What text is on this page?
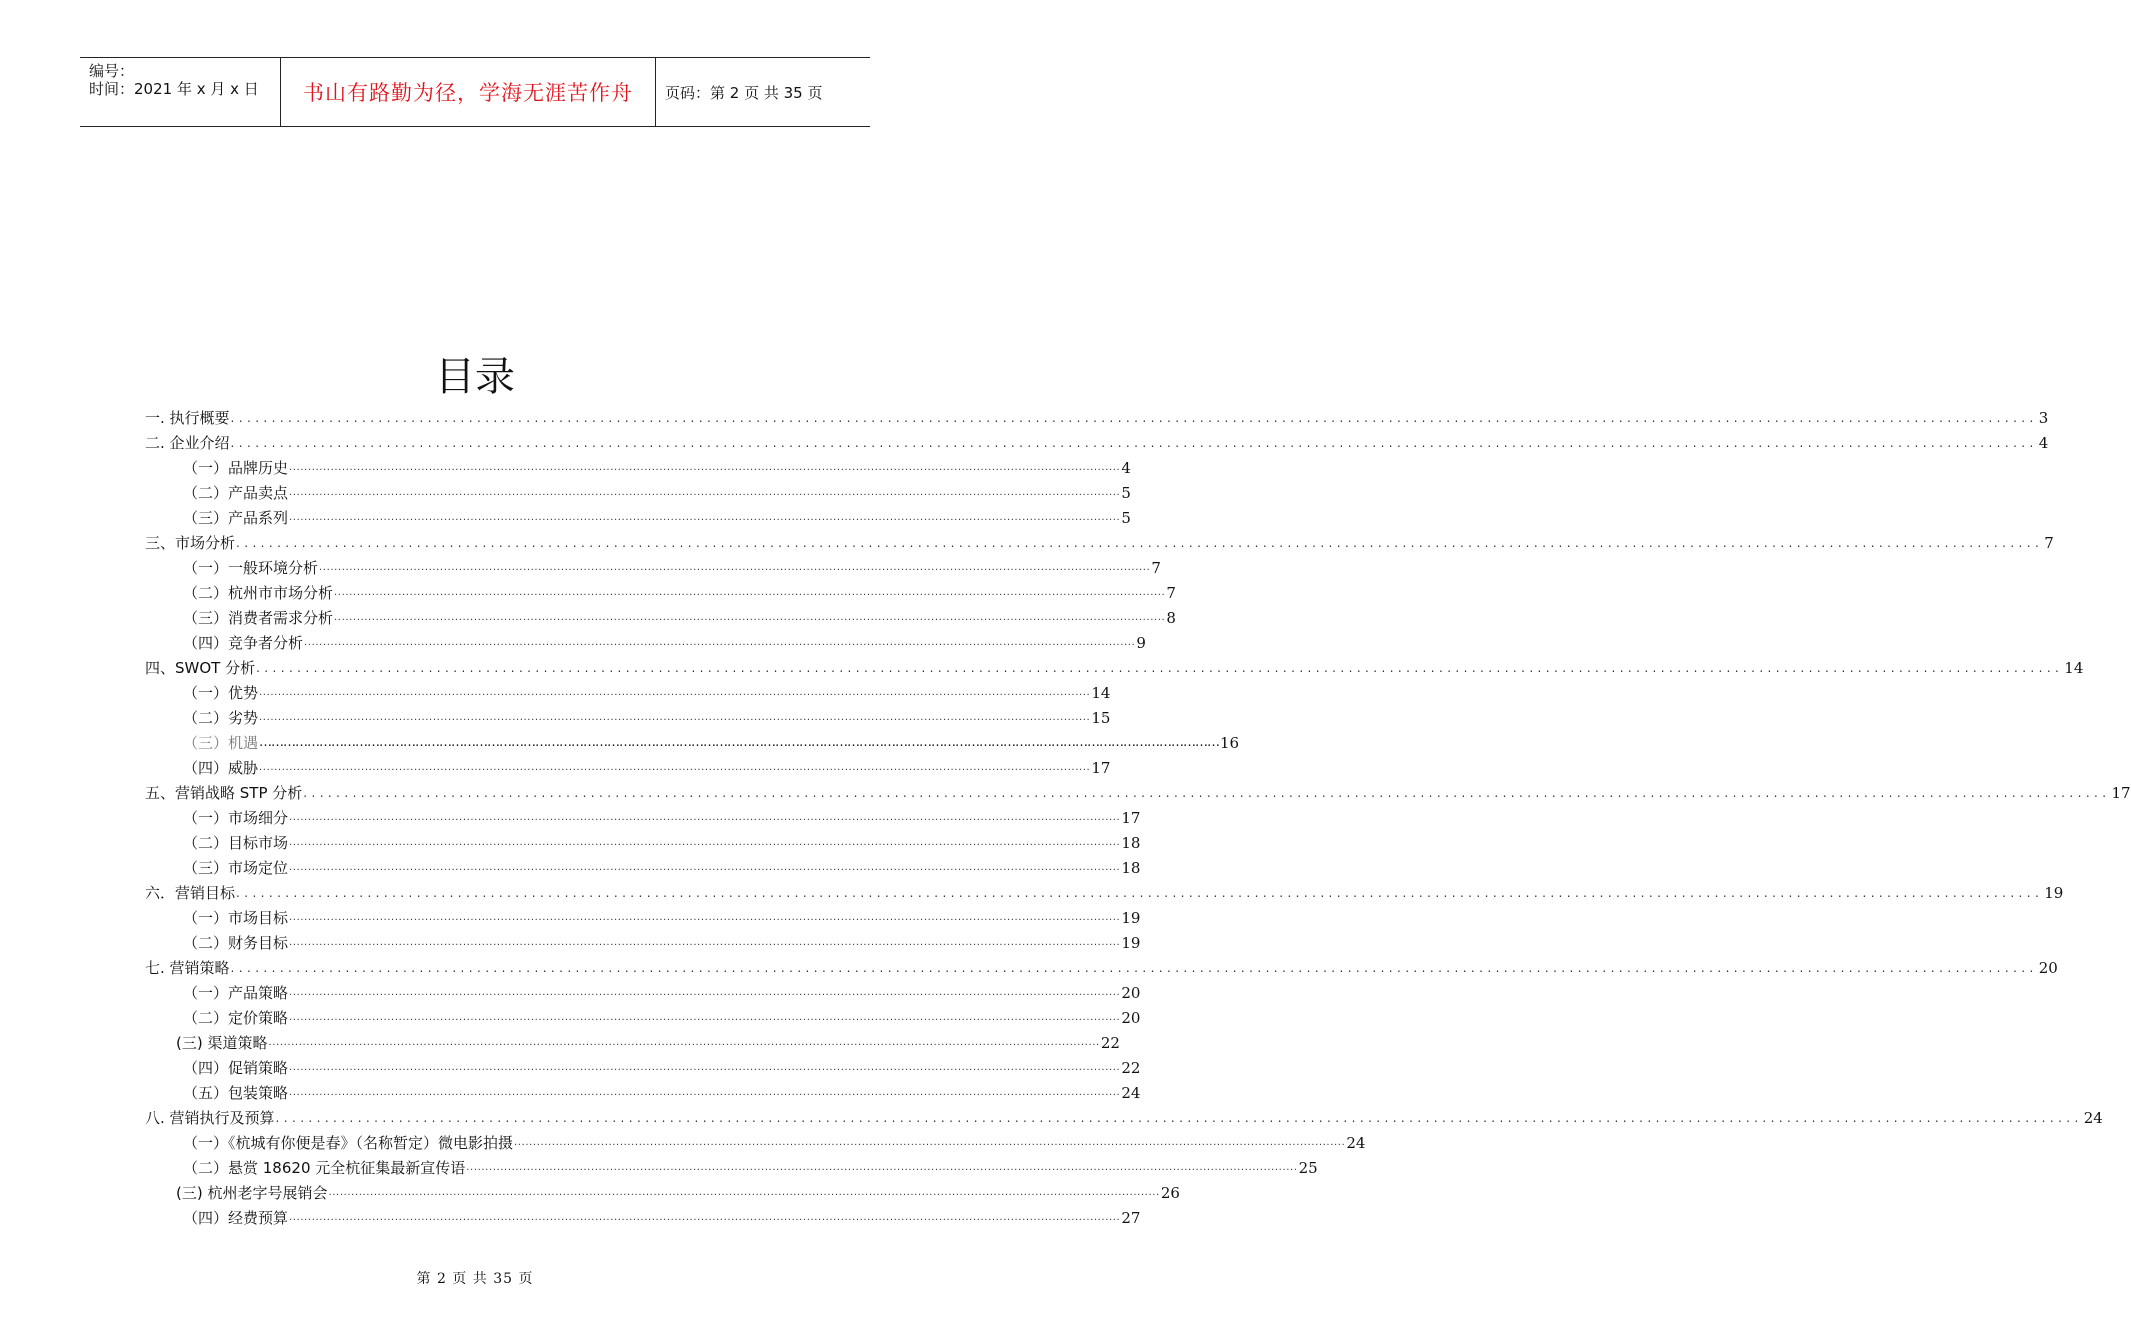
编号：
时间：2021 年 x 月 x 日	书山有路勤为径，学海无涯苦作舟	页码：第 2 页 共 35 页
目录
一. 执行概要 ............................................................................................................................................................................................................................ 3
二. 企业介绍 ............................................................................................................................................................................................................................ 4
（一）品牌历史 ............................................................................................................................................................................................................................ 4
（二）产品卖点 ............................................................................................................................................................................................................................ 5
（三）产品系列 ............................................................................................................................................................................................................................ 5
三、市场分析 ............................................................................................................................................................................................................................ 7
（一）一般环境分析 ............................................................................................................................................................................................................................ 7
（二）杭州市市场分析 ............................................................................................................................................................................................................................ 7
（三）消费者需求分析 ............................................................................................................................................................................................................................ 8
（四）竞争者分析 ............................................................................................................................................................................................................................ 9
四、SWOT 分析 ............................................................................................................................................................................................................................ 14
（一）优势 ............................................................................................................................................................................................................................ 14
（二）劣势 ............................................................................................................................................................................................................................ 15
（三）机遇 …………………………………………………………………………………………………………………………………………………………………………………………………………………… 16
（四）威胁 ............................................................................................................................................................................................................................ 17
五、营销战略 STP 分析 ............................................................................................................................................................................................................................ 17
（一）市场细分 ............................................................................................................................................................................................................................ 17
（二）目标市场 ............................................................................................................................................................................................................................ 18
（三）市场定位 ............................................................................................................................................................................................................................ 18
六．营销目标 ............................................................................................................................................................................................................................ 19
（一）市场目标 ............................................................................................................................................................................................................................ 19
（二）财务目标 ............................................................................................................................................................................................................................ 19
七. 营销策略 ............................................................................................................................................................................................................................ 20
（一）产品策略 ............................................................................................................................................................................................................................ 20
（二）定价策略 ............................................................................................................................................................................................................................ 20
(三) 渠道策略 ............................................................................................................................................................................................................................ 22
（四）促销策略 ............................................................................................................................................................................................................................ 22
（五）包装策略 ............................................................................................................................................................................................................................ 24
八. 营销执行及预算 ............................................................................................................................................................................................................................ 24
（一）《杭城有你便是春》（名称暂定）微电影拍摄 ............................................................................................................................................................................................................................ 24
（二）悬赏 18620 元全杭征集最新宣传语 ............................................................................................................................................................................................................................ 25
(三) 杭州老字号展销会 ............................................................................................................................................................................................................................ 26
（四）经费预算 ............................................................................................................................................................................................................................ 27
第 2 页 共 35 页
